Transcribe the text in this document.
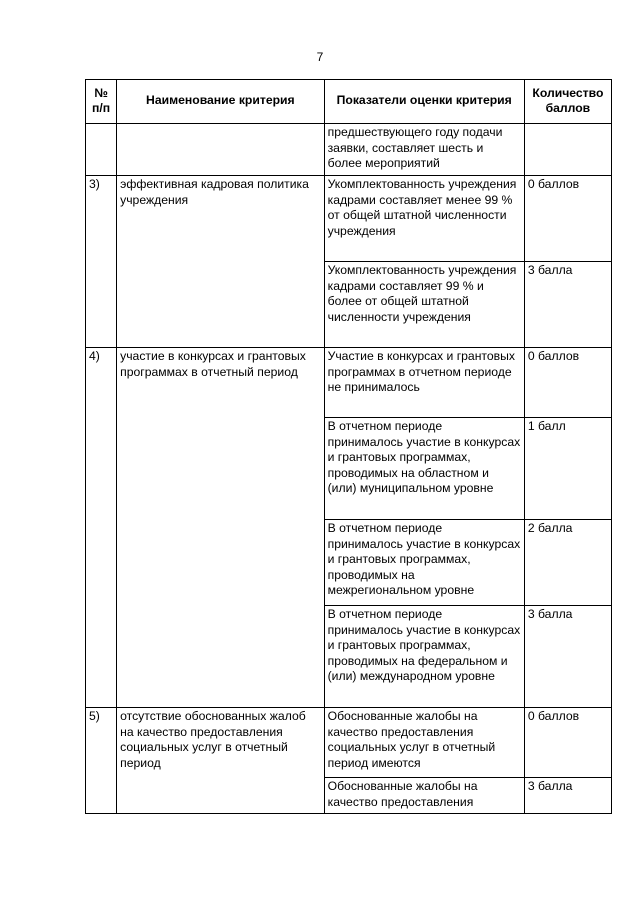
7
№ п/п	Наименование критерия	Показатели оценки критерия	Количество баллов
		предшествующего году подачи заявки, составляет шесть и более мероприятий	
3)	эффективная кадровая политика учреждения	Укомплектованность учреждения кадрами составляет менее 99 % от общей штатной численности учреждения	0 баллов
		Укомплектованность учреждения кадрами составляет 99 % и более от общей штатной численности учреждения	3 балла
4)	участие в конкурсах и грантовых программах в отчетный период	Участие в конкурсах и грантовых программах в отчетном периоде не принималось	0 баллов
		В отчетном периоде принималось участие в конкурсах и грантовых программах, проводимых на областном и (или) муниципальном уровне	1 балл
		В отчетном периоде принималось участие в конкурсах и грантовых программах, проводимых на межрегиональном уровне	2 балла
		В отчетном периоде принималось участие в конкурсах и грантовых программах, проводимых на федеральном и (или) международном уровне	3 балла
5)	отсутствие обоснованных жалоб на качество предоставления социальных услуг в отчетный период	Обоснованные жалобы на качество предоставления социальных услуг в отчетный период имеются	0 баллов
		Обоснованные жалобы на качество предоставления	3 балла
